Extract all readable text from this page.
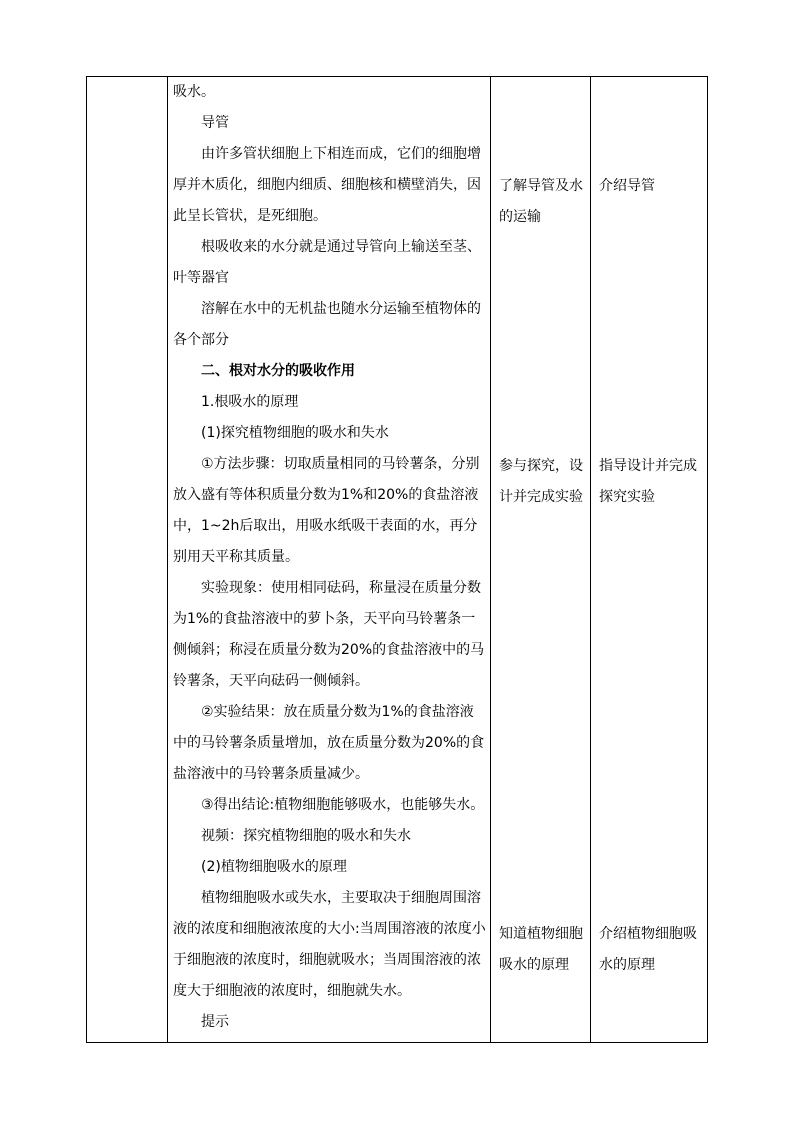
吸水。

导管

由许多管状细胞上下相连而成，它们的细胞增厚并木质化，细胞内细质、细胞核和横壁消失，因此呈长管状，是死细胞。

根吸收来的水分就是通过导管向上输送至茎、叶等器官

溶解在水中的无机盐也随水分运输至植物体的各个部分

二、根对水分的吸收作用

1.根吸水的原理

(1)探究植物细胞的吸水和失水

①方法步骤：切取质量相同的马铃薯条，分别放入盛有等体积质量分数为1%和20%的食盐溶液中，1~2h后取出，用吸水纸吸干表面的水，再分别用天平称其质量。

实验现象：使用相同砝码，称量浸在质量分数为1%的食盐溶液中的萝卜条，天平向马铃薯条一侧倾斜；称浸在质量分数为20%的食盐溶液中的马铃薯条，天平向砝码一侧倾斜。

②实验结果：放在质量分数为1%的食盐溶液中的马铃薯条质量增加，放在质量分数为20%的食盐溶液中的马铃薯条质量减少。

③得出结论:植物细胞能够吸水，也能够失水。

视频：探究植物细胞的吸水和失水

(2)植物细胞吸水的原理

植物细胞吸水或失水，主要取决于细胞周围溶液的浓度和细胞液浓度的大小:当周围溶液的浓度小于细胞液的浓度时，细胞就吸水；当周围溶液的浓度大于细胞液的浓度时，细胞就失水。

提示

了解导管及水的运输
参与探究，设计并完成实验
知道植物细胞吸水的原理
介绍导管
指导设计并完成探究实验
介绍植物细胞吸水的原理
